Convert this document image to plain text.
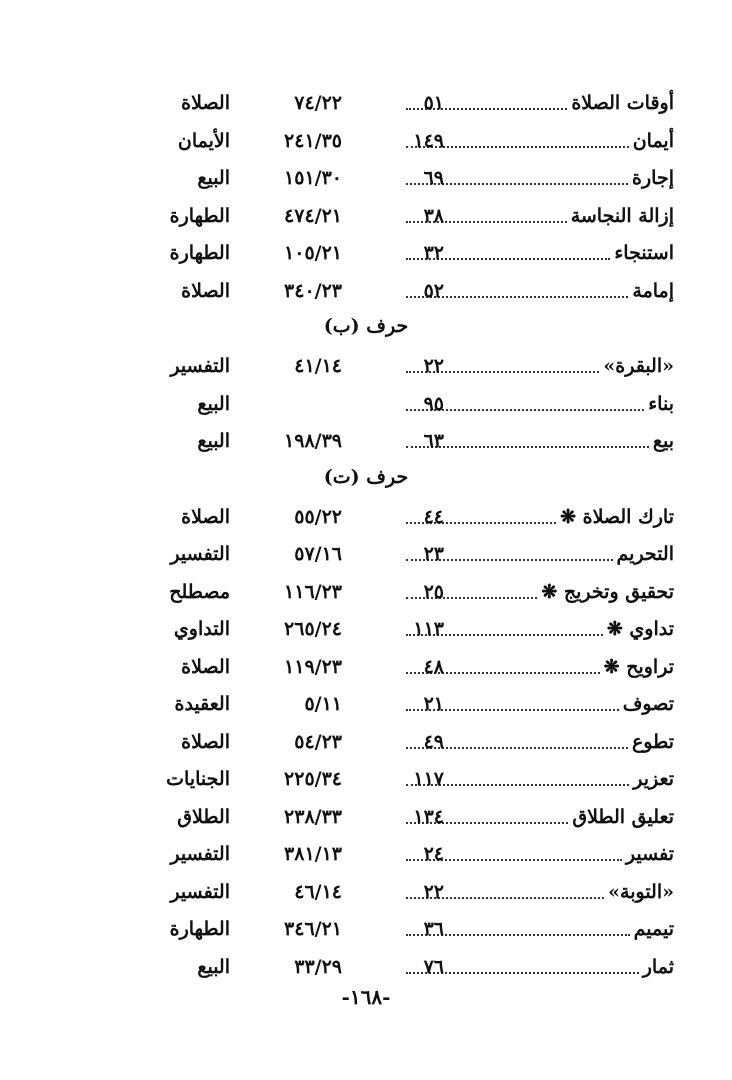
أوقات الصلاة
٥١
٧٤/٢٢
الصلاة
أيمان
١٤٩
٢٤١/٣٥
الأيمان
إجارة
٦٩
١٥١/٣٠
البيع
إزالة النجاسة
٣٨
٤٧٤/٢١
الطهارة
استنجاء
٣٢
١٠٥/٢١
الطهارة
إمامة
٥٢
٣٤٠/٢٣
الصلاة
حرف (ب)
«البقرة»
٢٢
٤١/١٤
التفسير
بناء
٩٥
البيع
بيع
٦٣
١٩٨/٣٩
البيع
حرف (ت)
تارك الصلاة ❋
٤٤
٥٥/٢٢
الصلاة
التحريم
٢٣
٥٧/١٦
التفسير
تحقيق وتخريج ❋
٢٥
١١٦/٢٣
مصطلح
تداوي ❋
١١٣
٢٦٥/٢٤
التداوي
تراويح ❋
٤٨
١١٩/٢٣
الصلاة
تصوف
٢١
٥/١١
العقيدة
تطوع
٤٩
٥٤/٢٣
الصلاة
تعزير
١١٧
٢٢٥/٣٤
الجنايات
تعليق الطلاق
١٣٤
٢٣٨/٣٣
الطلاق
تفسير
٢٤
٣٨١/١٣
التفسير
«التوبة»
٢٢
٤٦/١٤
التفسير
تيميم
٣٦
٣٤٦/٢١
الطهارة
ثمار
٧٦
٣٣/٢٩
البيع
-١٦٨-
